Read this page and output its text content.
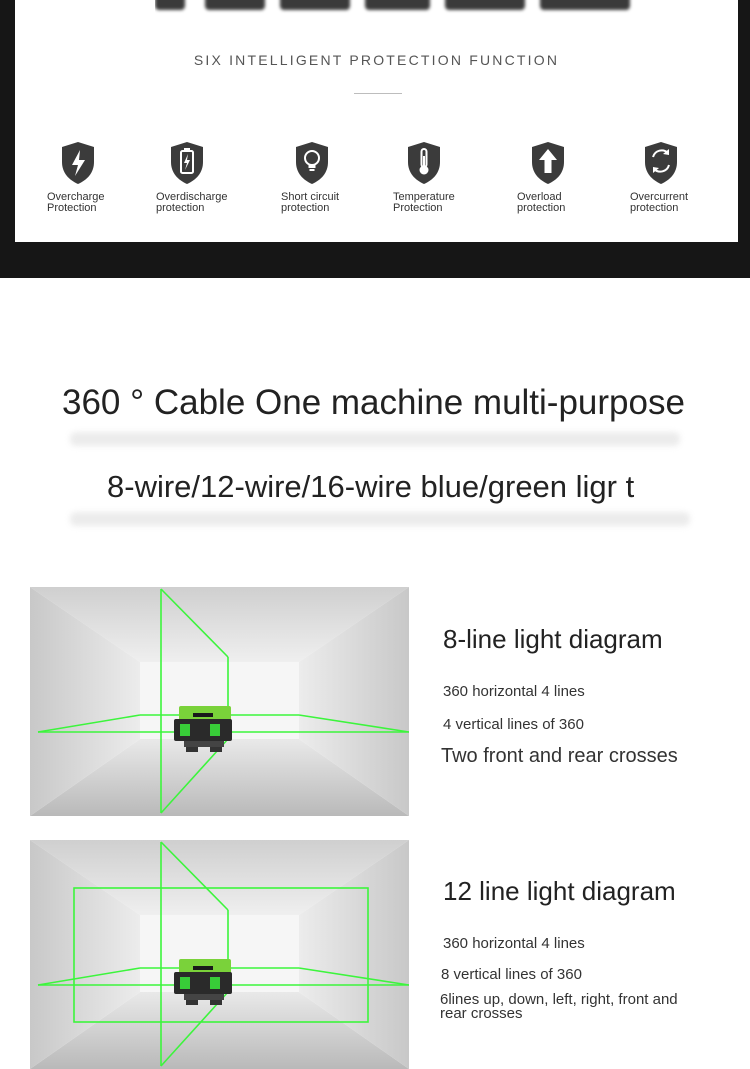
SIX INTELLIGENT PROTECTION FUNCTION
Overcharge
Protection
Overdischarge
protection
Short circuit
protection
Temperature
Protection
Overload
protection
Overcurrent
protection
360 ° Cable One machine multi-purpose
8-wire/12-wire/16-wire blue/green ligr t
8-line light diagram
360 horizontal 4 lines
4 vertical lines of 360
Two front and rear crosses
12 line light diagram
360 horizontal 4 lines
8 vertical lines of 360
6lines up, down, left, right, front and
rear crosses
